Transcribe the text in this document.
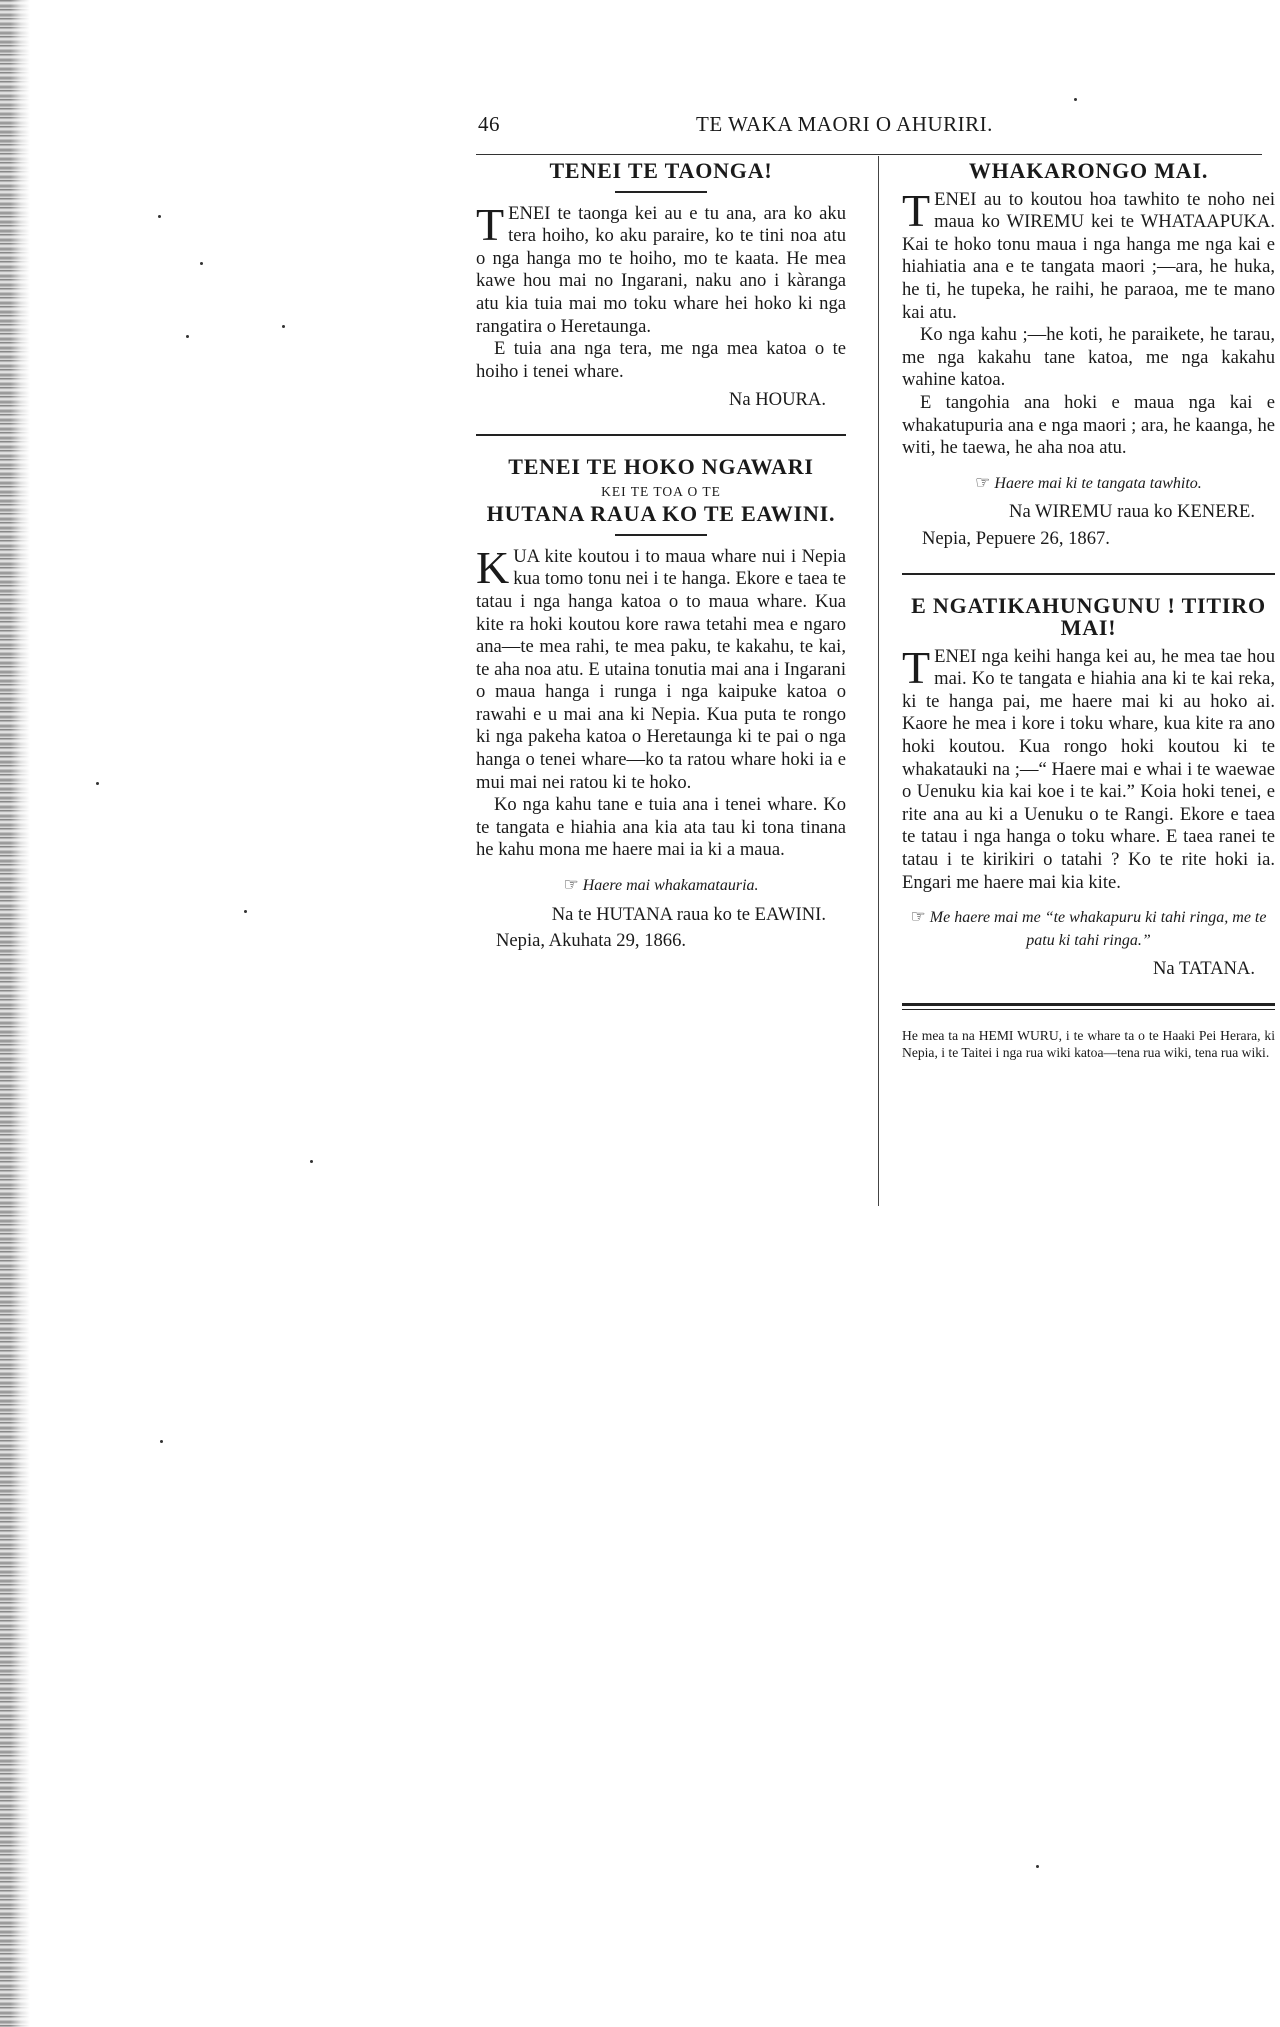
46	TE WAKA MAORI O AHURIRI.
TENEI TE TAONGA!

TENEI te taonga kei au e tu ana, ara ko aku tera hoiho, ko aku paraire, ko te tini noa atu o nga hanga mo te hoiho, mo te kaata. He mea kawe hou mai no Ingarani, naku ano i kàranga atu kia tuia mai mo toku whare hei hoko ki nga rangatira o Heretaunga.

E tuia ana nga tera, me nga mea katoa o te hoiho i tenei whare.

Na HOURA.

TENEI TE HOKO NGAWARI

KEI TE TOA O TE

HUTANA RAUA KO TE EAWINI.

KUA kite koutou i to maua whare nui i Nepia kua tomo tonu nei i te hanga. Ekore e taea te tatau i nga hanga katoa o to maua whare. Kua kite ra hoki koutou kore rawa tetahi mea e ngaro ana—te mea rahi, te mea paku, te kakahu, te kai, te aha noa atu. E utaina tonutia mai ana i Ingarani o maua hanga i runga i nga kaipuke katoa o rawahi e u mai ana ki Nepia. Kua puta te rongo ki nga pakeha katoa o Heretaunga ki te pai o nga hanga o tenei whare—ko ta ratou whare hoki ia e mui mai nei ratou ki te hoko.

Ko nga kahu tane e tuia ana i tenei whare. Ko te tangata e hiahia ana kia ata tau ki tona tinana he kahu mona me haere mai ia ki a maua.

☞ Haere mai whakamatauria.

Na te HUTANA raua ko te EAWINI.

Nepia, Akuhata 29, 1866.

WHAKARONGO MAI.

TENEI au to koutou hoa tawhito te noho nei maua ko WIREMU kei te WHATAAPUKA. Kai te hoko tonu maua i nga hanga me nga kai e hiahiatia ana e te tangata maori ;—ara, he huka, he ti, he tupeka, he raihi, he paraoa, me te mano kai atu.

Ko nga kahu ;—he koti, he paraikete, he tarau, me nga kakahu tane katoa, me nga kakahu wahine katoa.

E tangohia ana hoki e maua nga kai e whakatupuria ana e nga maori ; ara, he kaanga, he witi, he taewa, he aha noa atu.

☞ Haere mai ki te tangata tawhito.

Na WIREMU raua ko KENERE.

Nepia, Pepuere 26, 1867.

E NGATIKAHUNGUNU ! TITIRO MAI!

TENEI nga keihi hanga kei au, he mea tae hou mai. Ko te tangata e hiahia ana ki te kai reka, ki te hanga pai, me haere mai ki au hoko ai. Kaore he mea i kore i toku whare, kua kite ra ano hoki koutou. Kua rongo hoki koutou ki te whakatauki na ;—“ Haere mai e whai i te waewae o Uenuku kia kai koe i te kai.” Koia hoki tenei, e rite ana au ki a Uenuku o te Rangi. Ekore e taea te tatau i nga hanga o toku whare. E taea ranei te tatau i te kirikiri o tatahi ? Ko te rite hoki ia. Engari me haere mai kia kite.

☞ Me haere mai me “te whakapuru ki tahi ringa, me te patu ki tahi ringa.”

Na TATANA.

He mea ta na HEMI WURU, i te whare ta o te Haaki Pei Herara, ki Nepia, i te Taitei i nga rua wiki katoa—tena rua wiki, tena rua wiki.
